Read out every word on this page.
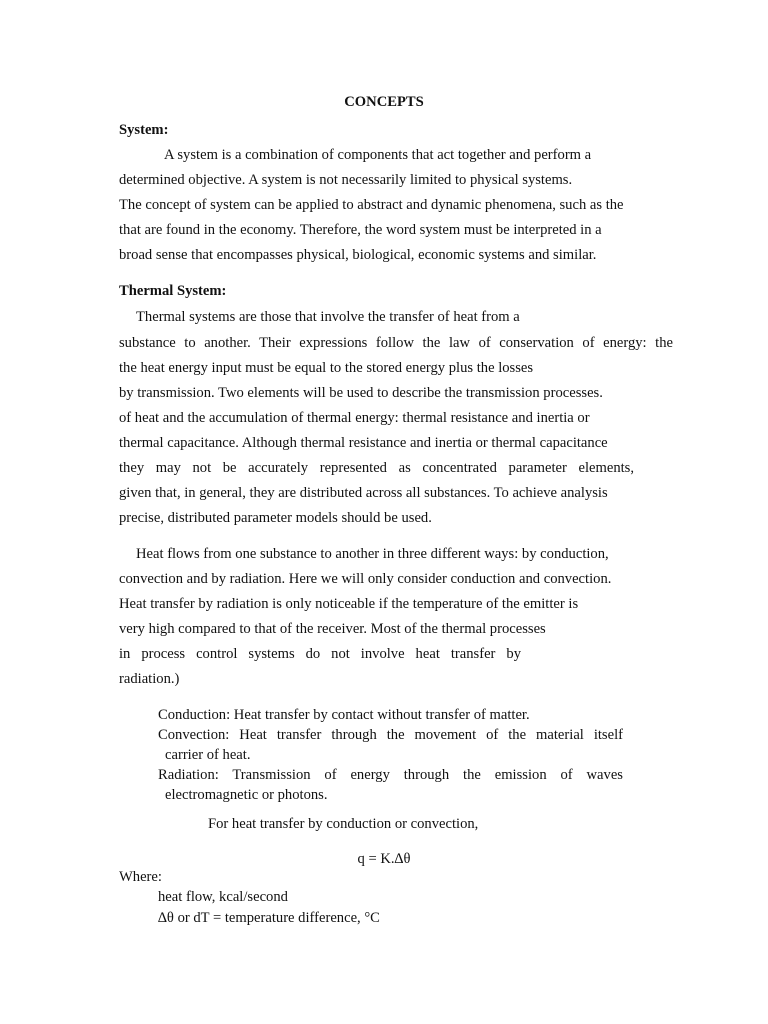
CONCEPTS
System:
A system is a combination of components that act together and perform a
determined objective. A system is not necessarily limited to physical systems.
The concept of system can be applied to abstract and dynamic phenomena, such as the
that are found in the economy. Therefore, the word system must be interpreted in a
broad sense that encompasses physical, biological, economic systems and similar.
Thermal System:
Thermal systems are those that involve the transfer of heat from a
substance to another. Their expressions follow the law of conservation of energy: the
the heat energy input must be equal to the stored energy plus the losses
by transmission. Two elements will be used to describe the transmission processes.
of heat and the accumulation of thermal energy: thermal resistance and inertia or
thermal capacitance. Although thermal resistance and inertia or thermal capacitance
they may not be accurately represented as concentrated parameter elements,
given that, in general, they are distributed across all substances. To achieve analysis
precise, distributed parameter models should be used.
Heat flows from one substance to another in three different ways: by conduction,
convection and by radiation. Here we will only consider conduction and convection.
Heat transfer by radiation is only noticeable if the temperature of the emitter is
very high compared to that of the receiver. Most of the thermal processes
in process control systems do not involve heat transfer by
radiation.)
Conduction: Heat transfer by contact without transfer of matter.
Convection: Heat transfer through the movement of the material itself
carrier of heat.
Radiation: Transmission of energy through the emission of waves
electromagnetic or photons.
For heat transfer by conduction or convection,
q = K.∆θ
Where:
heat flow, kcal/second
∆θ or dT = temperature difference, °C
